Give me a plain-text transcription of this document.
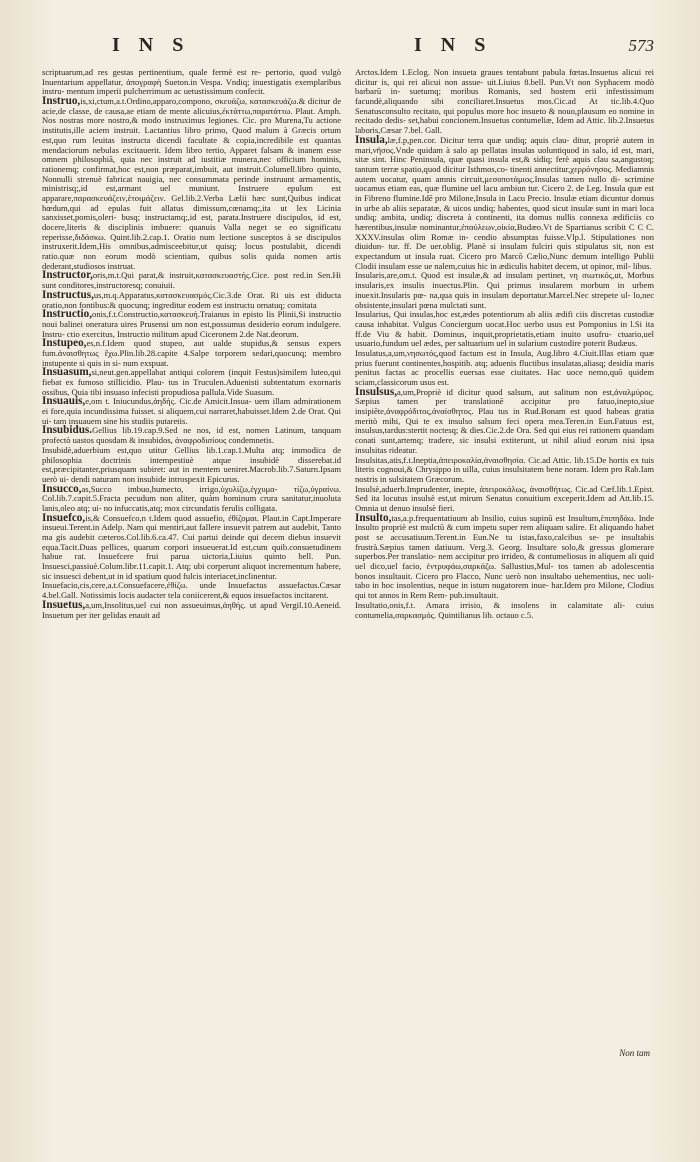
I N S	I N S	573

scriptuarum,ad res gestas pertinentium, quale fermè est re- pertorio, quod vulgò Inuentarium appellatur, ἀπογραφὴ Sueton.in Vespa. Vndiq; inuestigatis exemplaribus instru- mentum imperii pulcherrimum ac uetustissimum confecit.

Instruo,is,xi,ctum,a.t.Ordino,apparo,compono, σκευάζω, κατασκευάζω.& dicitur de acie,de classe, de causa,ae etiam de mente alicuius,ἐκτάττω,παρατάττω. Plaut. Amph. Nos nostras more nostro,& modo instruximus legiones. Cic. pro Murena,Tu actione institutis,ille aciem instruit. Lactantius libro primo, Quod malum à Græcis ortum est,quo rum leuitas instructa dicendi facultate & copia,incredibile est quantas mendaciorum nebulas excitauerit. Idem libro tertio, Apparet falsam & inanem esse omnem philosophiã, quia nec instruit ad iustitiæ munera,nec officium hominis, rationemq; confirmat,hoc est,non præparat,imbuit, aut instruit.Columell.libro quinto, Nonnulli strenuè fabricat nauigia, nec consummata perinde instruunt armamentis, ministrisq;,id est,armant uel muniunt. Instruere epulum est apparare,παρασκευάζειν,ἑτοιμάζειν. Gel.lib.2.Verba Lælii hæc sunt,Quibus indicat hœdum,qui ad epulas fuit allatus dimissum,cœnamq;,ita ut lex Licinia sanxisset,pomis,oleri- busq; instructamq;,id est, parata.Instruere discipulos, id est, docere,literis & disciplinis imbuere: quanuis Valla neget se eo significatu reperisse,διδάσκω. Quint.lib.2.cap.1. Oratio num lectione susceptos à se discipulos instruxerit.Idem,His omnibus,admisceebitur,ut quisq; locus postulabit, dicendi ratio.quæ non eorum modò scientiam, quibus solis quida nomen artis dederant,studiosos instruat.

Instructor,oris,m.t.Qui parat,& instruit,κατασκευαστής.Cice. post red.in Sen.Hi sunt conditores,instructoresq; conuiuii.

Instructus,us,m.q.Apparatus,κατασκευασμός.Cic.3.de Orat. Ri uis est diducta oratio,non fontibus:& quocunq; ingreditur eodem est instructu ornatuq; comitata

Instructio,onis,f.t.Constructio,κατασκευή.Traianus in episto lis Plinii,Si instructio noui balinei oneratura uires Prusensi um non est,possumus desiderio eorum indulgere. Instru- ctio exercitus, Instructio militum apud Ciceronem 2.de Nat.deorum.

Instupeo,es,n.f.Idem quod stupeo, aut ualde stupidus,& sensus expers fum.ἀναισθητως ἔχω.Plin.lib.28.capite 4.Salpe torporem sedari,quocunq; membro instupente si quis in si- num exspuat.

Insuasum,si,neut.gen.appellabat antiqui colorem (inquit Festus)similem luteo,qui fiebat ex fumoso stillicidio. Plau- tus in Truculen.Aduenisti subtentatum exornaris ossibus, Quia tibi insuaso infecisti propudiosa pallula.Vide Suasum.

Insuauis,e,om t. Iniucundus,ἀηδής. Cic.de Amicit.Insua- uem illam admirationem ei fore,quia incundissima fuisset. si aliquem,cui narraret,habuisset.Idem 2.de Orat. Qui ui- tam insuauem sine his studiis putaretis.

Insubidus.Gellius lib.19.cap.9.Sed ne nos, id est, nomen Latinum, tanquam profectò uastos quosdam & insubidos, ἀναφροδισίους condemnetis.

Insubidè,aduerbium est,quo utitur Gellius lib.1.cap.1.Multa atq; immodica de philosophia doctrinis intempestiuè atque insubidè disserebat.id est,præcipitanter,priusquam subiret: aut in mentem ueniret.Macrob.lib.7.Saturn.Ipsam uerò ui- dendi naturam non insubide introspexit Epicurus.

Insucco,as,Succo imbuo,humecto, irrigo,ὑχυλίζω,ἐγχυμα- τίζω,ὑγραίνω. Col.lib.7.capit.5.Fracta pecudum non aliter, quàm hominum crura sanitatur,inuoluta lanis,oleo atq; ui- no infuccatis,atq; mox circundatis ferulis colligata.

Insuefco,is,& Consuefco,n t.Idem quod assuefio, ἐθίζομαι. Plaut.in Capt.Imperare insueui.Terent.in Adelp. Nam qui mentiri,aut fallere insuevit patrem aut audebit, Tanto ma gis audebit cæteros.Col.lib.6.ca.47. Cui partui deinde qui decem diebus insuevit equa.Tacit.Duas pellices, quarum corpori insueuerat.Id est,cum quib.consuetudinem habue rat. Insuefcere frui parua uictoria,Liuius quinto bell. Pun. Insuesci,passiuè.Colum.libr.11.capit.1. Atq; ubi corperunt aliquot incrementum habere, sic insuesci debent,ut in id spatium quod fulcis interiacet,inclinentur.

Insuefacio,cis,cere,a.t.Consuefacere,ἐθίζω. unde Insuefactus assuefactus.Cæsar 4.bel.Gall. Notissimis locis audacter tela coniicerent,& equos insuefactos incitarent.

Insuetus,a,um,Insolitus,uel cui non assueuimus,ἀηθής. ut apud Vergil.10.Aeneid. Insuetum per iter gelidas enauit ad

Arctos.Idem 1.Eclog. Non insueta graues tentabunt pabula fœtas.Insuetus alicui rei dicitur is, qui rei alicui non assue- uit.Liuius 8.bell. Pun.Vt non Syphacem modò barbarū in- suetumq; moribus Romanis, sed hostem erii infestissimum facundè,aliquando sibi conciliaret.Insuetus mos.Cic.ad At tic.lib.4.Quo Senatusconsulto recitato, qui populus more hoc insueto & nouo,plausum eo nomine in recitado dedis- set,habui concionem.Insuetus contumeliæ, Idem ad Attic. lib.2.Insuetus laboris,Cæsar 7.bel. Gall.

Insula,læ,f.p,pen.cor. Dicitur terra quæ undiq; aquis clau- ditur, propriè autem in mari,νῆσος.Vnde quidam à salo ap pellatas insulas uoluntiquod in salo, id est, mari, sitæ sint. Hinc Peninsula, quæ quasi insula est,& sidiq; ferè aquis clau sa,angustoq; tantum terræ spatio,quod dicitur Isthmos,co- tinenti annectitur,χερρόνησος. Mediamnis autem uocatur, quam amnis circuit,μεσοποτάμιος.Insulas tamen nullo di- scrimine uocamus etiam eas, quæ flumine uel lacu ambiun tur. Cicero 2. de Leg. Insula quæ est in Fibreno flumine.Idē pro Milone,Insula in Lacu Precio. Insulæ etiam dicuntur domus in urbe ab aliis separatæ, & uicos undiq; habentes, quod sicut insulæ sunt in mari loca undiq; ambita, undiq; discreta à continenti, ita domus nullis connexa ædificiis co hærentibus,insulæ nominantur,ἐπαύλεων,οἰκία,Budæo.Vt de Spartianus scribit C C C. XXXV.insulas olim Romæ in- cendio absumptas fuisse.Vlp.l. Stipulationes non diuidun- tur. ff. De uer.oblig. Planè si insulam fulciri quis stipulatus sit, non est expectandum ut insula ruat. Cicero pro Marcō Cælio,Nunc demum intelligo Publii Clodii insulam esse ue nalem,cuius hic in ædiculis habitet decem, ut opinor, mil- libus.

Insularis,are,om.t. Quod est insulæ,& ad insulam pertinet, νη σιωτικός,ut, Morbus insularis,ex insulis inuectus.Plin. Qui primus insularem morbum in urbem inuexit.Insularis pœ- na,qua quis in insulam deportatur.Marcel.Nec strepete ul- lo,nec obsistente,insulari pœna mulctati sunt.

Insularius, Qui insulas,hoc est,ædes potentiorum ab aliis ædifi ciis discretas custodiæ causa inhabitat. Vulgus Conciergum uocat.Hoc uerbo usus est Pomponius in l.Si ita ff.de Viu & habit. Dominus, inquit,proprietatis,etiam inuito usufru- ctuario,uel usuario,fundum uel ædes, per saltuarium uel in sularium custodire poterit Budæus.

Insulatus,a,um,νησωτός,quod factum est in Insula, Aug.libro 4.Ciuit.Illas etiam quæ prius fuerunt continentes,hospitib. atq; aduenis fluctibus insulatas,aliasq; desidia maris penitus factas ac procellis euersas esse ciuitates. Hac uoce nemo,quō quidem sciam,classicorum usus est.

Insulsus,a,um,Propriè id dicitur quod salsum, aut salitum non est,ἀναλμύρος. Sæpius tamen per translationē accipitur pro fatuo,inepto,siue insipiēte,ἀναφρόδιτος,ἀναίσθητος. Plau tus in Rud.Bonam est quod habeas gratia meritò mihi, Qui te ex insulso salsum feci opera mea.Teren.in Eun.Fatuus est, insulsus,tardus:stertit noctesq; & dies.Cic.2.de Ora. Sed qui eius rei rationem quandam conati sunt,artemq; tradere, sic insulsi extiterunt, ut nihil aliud eorum nisi ipsa insulsitas rideatur.

Insulsitas,atis,f.t.Ineptia,ἀπειροκαλία,ἀναισθησία. Cic.ad Attic. lib.15.De hortis ex tuis literis cognoui,& Chrysippo in uilla, cuius insulsitatem bene noram. Idem pro Rab.Iam nostris in sulsitatem Græcorum.

Insulsè,aduerb.Imprudenter, inepte, ἀπειροκάλως, ἀναισθήτως. Cic.ad Cæf.lib.1.Epist. Sed ita locutus insulsè est,ut mirum Senatus conuitium exceperit.Idem ad Att.lib.15. Omnia ut denuo insulsè fieri.

Insulto,tas,a.p.frequentatiuum ab Insilio, cuius supinū est Insultum,ἐπιπηδάω. Inde Insulto propriè est mulctū & cum impetu super rem aliquam salire. Et aliquando habet post se accusatiuum.Terent.in Eun.Ne tu istas,faxo,calcibus se- pe insultabis frustrà.Sæpius tamen datiuum. Verg.3. Georg. Insultare solo,& gressus glomerare superbos.Per translatio- nem accipitur pro irrideo, & contumeliosus in aliquem ali quid uel dico,uel facio, ἐντρυφάω,σαρκάζω. Sallustius,Mul- tos tamen ab adolescentia bonos insultauit. Cicero pro Flacco, Nunc uerò non insultabo uehementius, nec uoli- tabo in hoc insolentius, neque in istum nugatorem inue- har.Idem pro Milone, Clodius qui tot annos in Rem Rem- pub.insultauit.

Insultatio,onis,f.t. Amara irrisio, & insolens in calamitate ali- cuius contumelia,σαρκασμός. Quintilianus lib. octauo c.5.

Non tam
